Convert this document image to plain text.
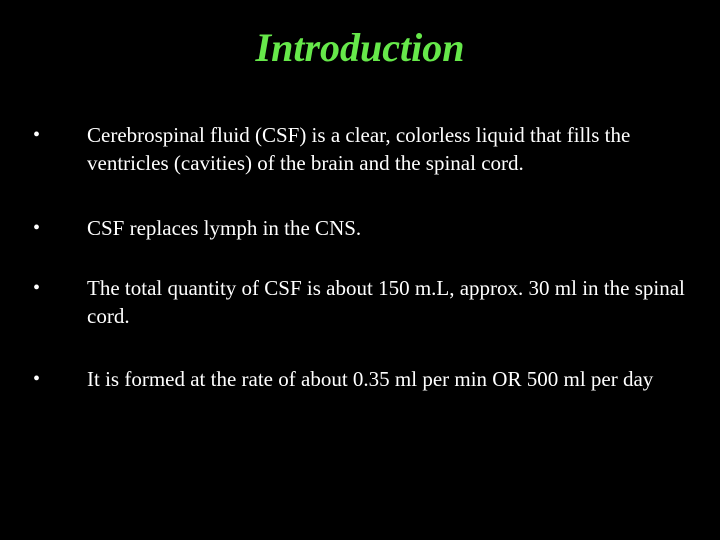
Introduction
• Cerebrospinal fluid (CSF) is a clear, colorless liquid that fills the ventricles (cavities) of the brain and the spinal cord.
• CSF replaces lymph in the CNS.
• The total quantity of CSF is about 150 m.L, approx. 30 ml in the spinal cord.
• It is formed at the rate of about 0.35 ml per min OR 500 ml per day
